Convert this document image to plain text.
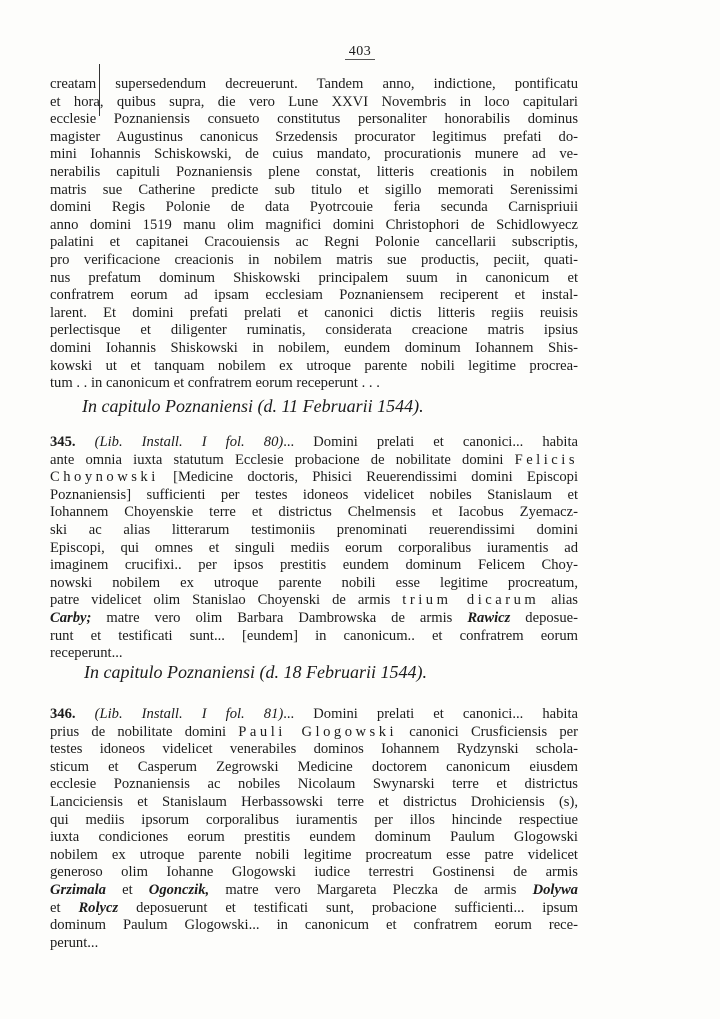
403

creatam supersedendum decreuerunt. Tandem anno, indictione, pontificatu

et hora, quibus supra, die vero Lune XXVI Novembris in loco capitulari

ecclesie Poznaniensis consueto constitutus personaliter honorabilis dominus

magister Augustinus canonicus Srzedensis procurator legitimus prefati do-

mini Iohannis Schiskowski, de cuius mandato, procurationis munere ad ve-

nerabilis capituli Poznaniensis plene constat, litteris creationis in nobilem

matris sue Catherine predicte sub titulo et sigillo memorati Serenissimi

domini Regis Polonie de data Pyotrcouie feria secunda Carnispriuii

anno domini 1519 manu olim magnifici domini Christophori de Schidlowyecz

palatini et capitanei Cracouiensis ac Regni Polonie cancellarii subscriptis,

pro verificacione creacionis in nobilem matris sue productis, peciit, quati-

nus prefatum dominum Shiskowski principalem suum in canonicum et

confratrem eorum ad ipsam ecclesiam Poznaniensem reciperent et instal-

larent. Et domini prefati prelati et canonici dictis litteris regiis reuisis

perlectisque et diligenter ruminatis, considerata creacione matris ipsius

domini Iohannis Shiskowski in nobilem, eundem dominum Iohannem Shis-

kowski ut et tanquam nobilem ex utroque parente nobili legitime procrea-

tum . . in canonicum et confratrem eorum receperunt . . .

In capitulo Poznaniensi (d. 11 Februarii 1544).

345. (Lib. Install. I fol. 80)... Domini prelati et canonici... habita

ante omnia iuxta statutum Ecclesie probacione de nobilitate domini Felicis

Choynowski [Medicine doctoris, Phisici Reuerendissimi domini Episcopi

Poznaniensis] sufficienti per testes idoneos videlicet nobiles Stanislaum et

Iohannem Choyenskie terre et districtus Chelmensis et Iacobus Zyemacz-

ski ac alias litterarum testimoniis prenominati reuerendissimi domini

Episcopi, qui omnes et singuli mediis eorum corporalibus iuramentis ad

imaginem crucifixi.. per ipsos prestitis eundem dominum Felicem Choy-

nowski nobilem ex utroque parente nobili esse legitime procreatum,

patre videlicet olim Stanislao Choyenski de armis trium dicarum alias

Carby; matre vero olim Barbara Dambrowska de armis Rawicz deposue-

runt et testificati sunt... [eundem] in canonicum.. et confratrem eorum

receperunt...

In capitulo Poznaniensi (d. 18 Februarii 1544).

346. (Lib. Install. I fol. 81)... Domini prelati et canonici... habita

prius de nobilitate domini Pauli Glogowski canonici Crusficiensis per

testes idoneos videlicet venerabiles dominos Iohannem Rydzynski schola-

sticum et Casperum Zegrowski Medicine doctorem canonicum eiusdem

ecclesie Poznaniensis ac nobiles Nicolaum Swynarski terre et districtus

Lanciciensis et Stanislaum Herbassowski terre et districtus Drohiciensis (s),

qui mediis ipsorum corporalibus iuramentis per illos hincinde respectiue

iuxta condiciones eorum prestitis eundem dominum Paulum Glogowski

nobilem ex utroque parente nobili legitime procreatum esse patre videlicet

generoso olim Iohanne Glogowski iudice terrestri Gostinensi de armis

Grzimala et Ogonczik, matre vero Margareta Pleczka de armis Dolywa

et Rolycz deposuerunt et testificati sunt, probacione sufficienti... ipsum

dominum Paulum Glogowski... in canonicum et confratrem eorum rece-

perunt...
